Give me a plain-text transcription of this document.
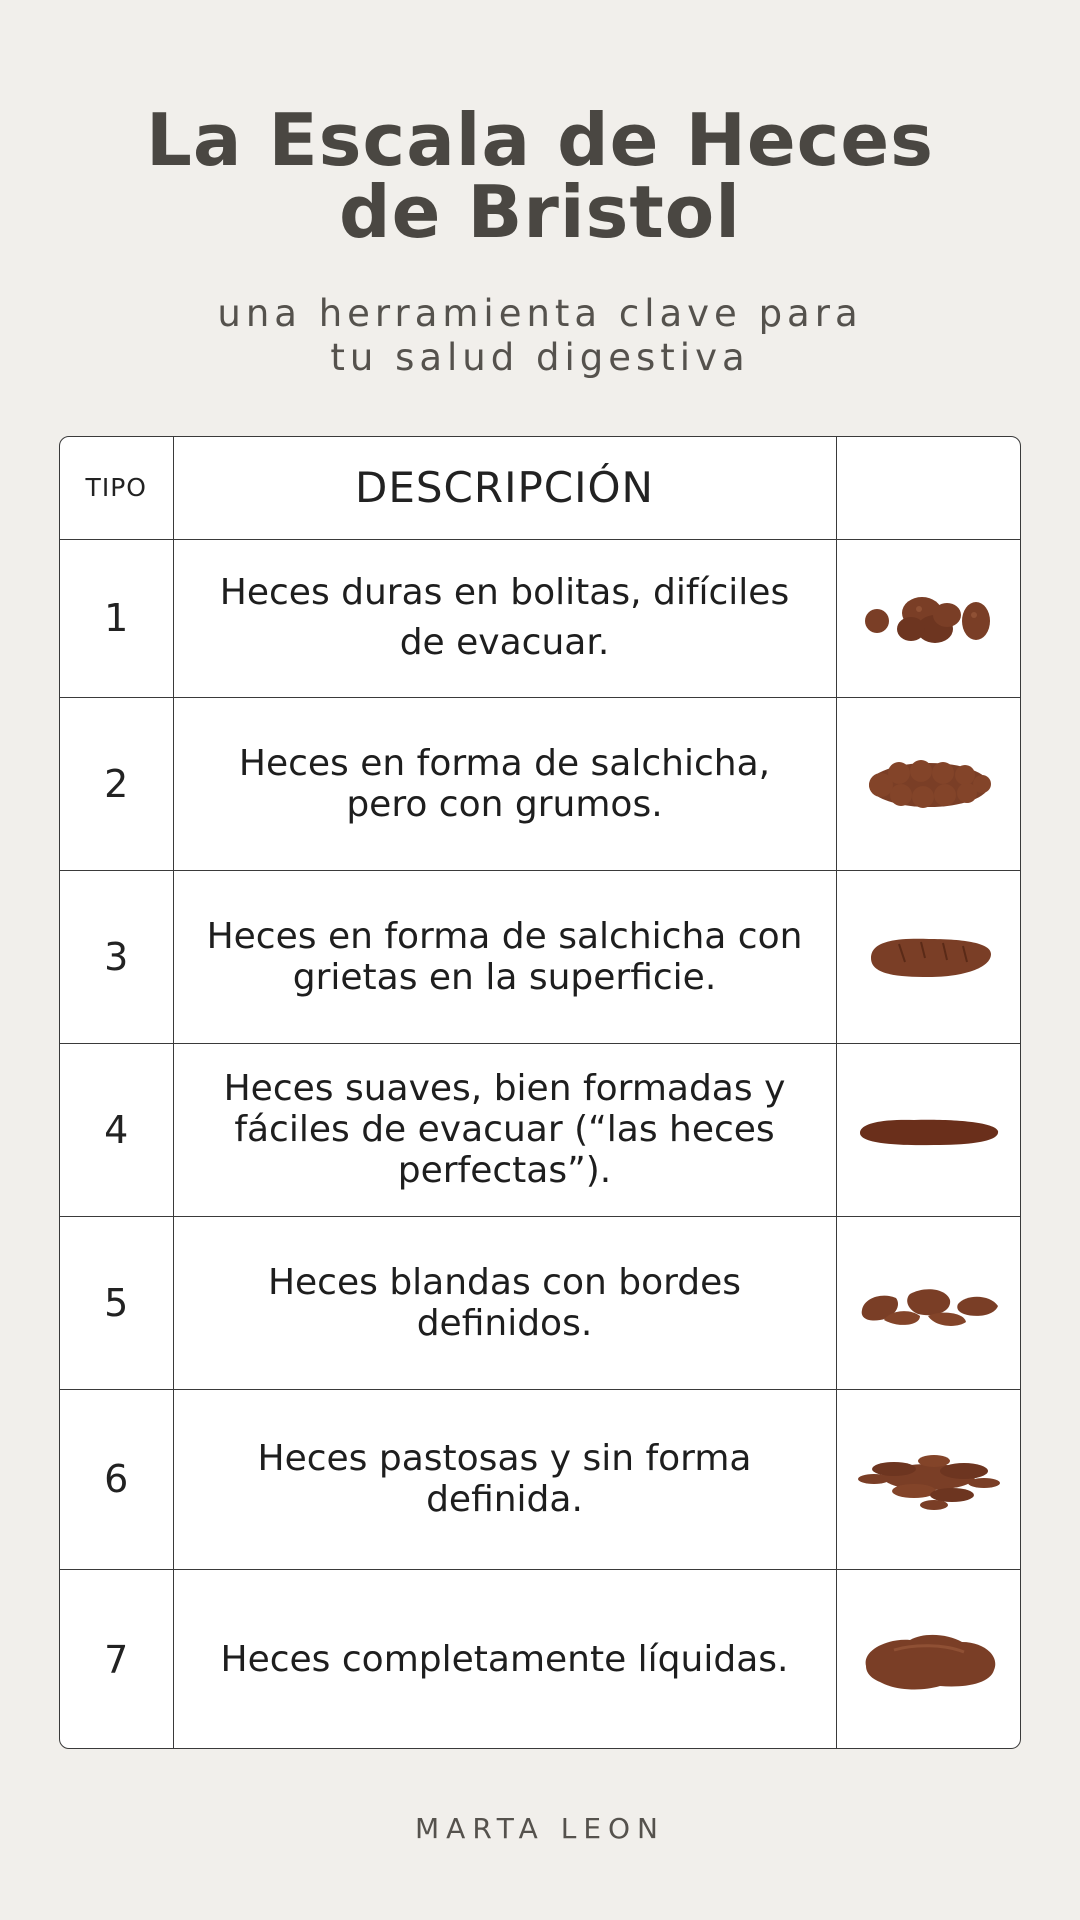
La Escala de Heces
de Bristol

una herramienta clave para
tu salud digestiva

TIPO	DESCRIPCIÓN	
1	Heces duras en bolitas, difíciles de evacuar.	

2	Heces en forma de salchicha, pero con grumos.	

3	Heces en forma de salchicha con grietas en la superficie.	

4	Heces suaves, bien formadas y fáciles de evacuar (“las heces perfectas”).	

5	Heces blandas con bordes definidos.	

6	Heces pastosas y sin forma definida.	

7	Heces completamente líquidas.	

MARTA LEON
